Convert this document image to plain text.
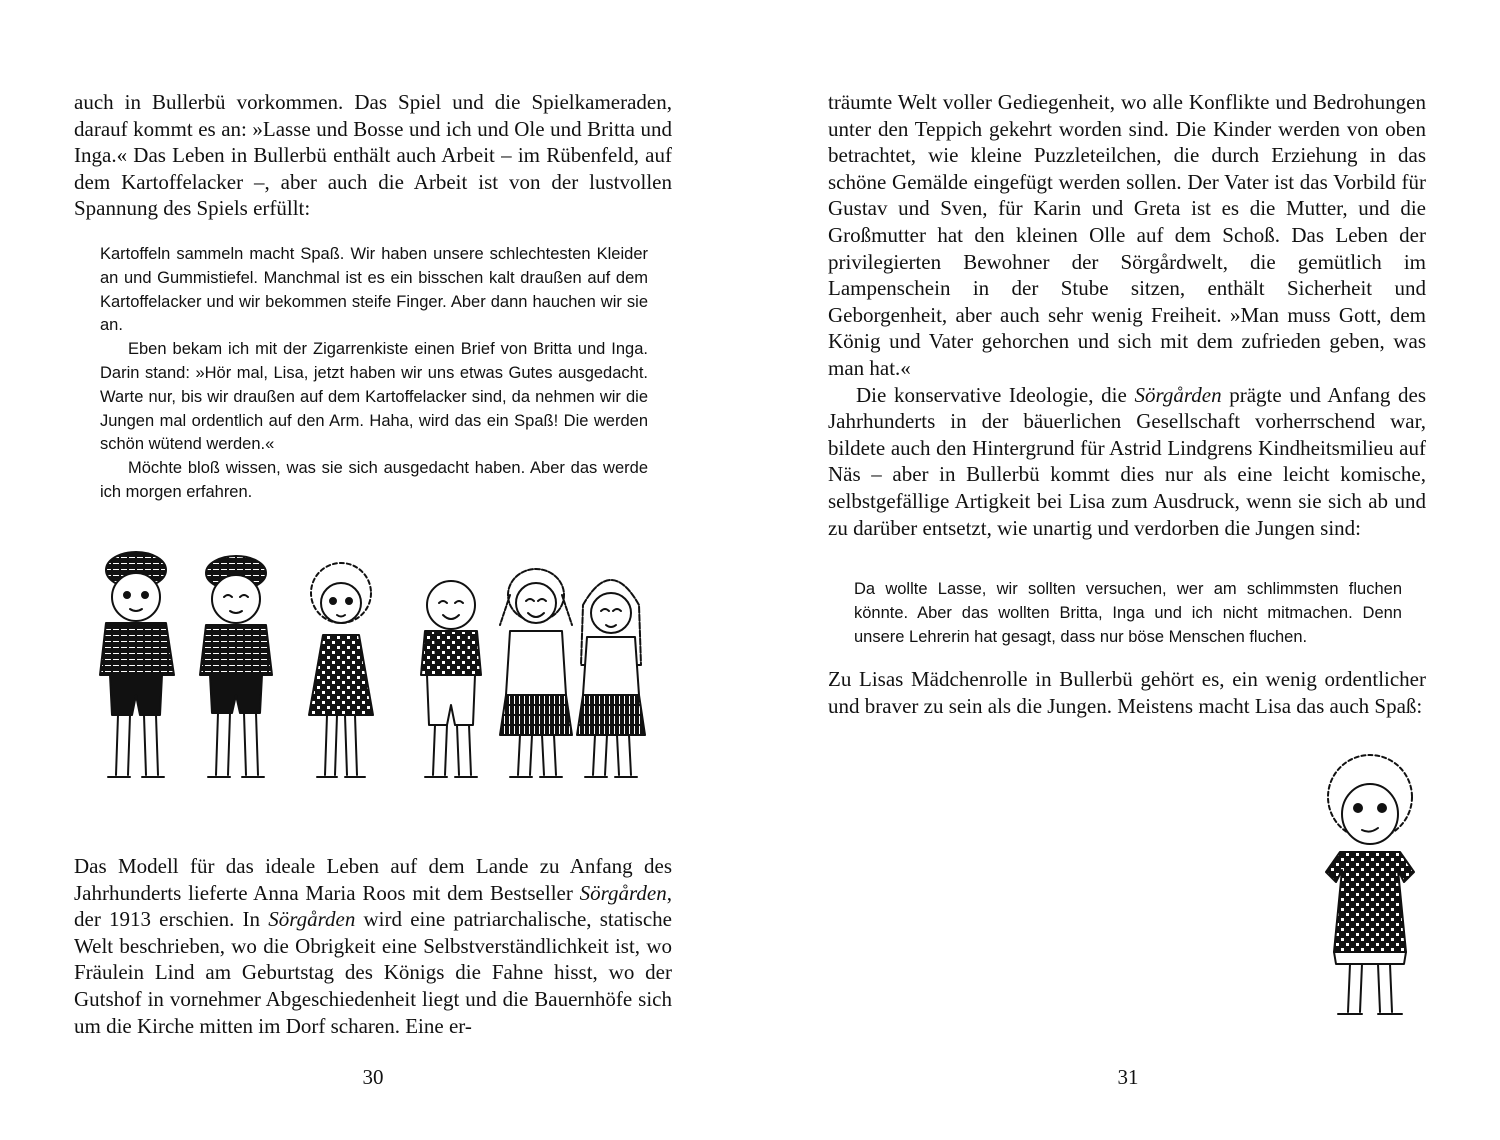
auch in Bullerbü vorkommen. Das Spiel und die Spielkameraden, darauf kommt es an: »Lasse und Bosse und ich und Ole und Britta und Inga.« Das Leben in Bullerbü enthält auch Arbeit – im Rübenfeld, auf dem Kartoffelacker –, aber auch die Arbeit ist von der lustvollen Spannung des Spiels erfüllt:

Kartoffeln sammeln macht Spaß. Wir haben unsere schlechtesten Kleider an und Gummistiefel. Manchmal ist es ein bisschen kalt draußen auf dem Kartoffelacker und wir bekommen steife Finger. Aber dann hauchen wir sie an.

Eben bekam ich mit der Zigarrenkiste einen Brief von Britta und Inga. Darin stand: »Hör mal, Lisa, jetzt haben wir uns etwas Gutes ausgedacht. Warte nur, bis wir draußen auf dem Kartoffelacker sind, da nehmen wir die Jungen mal ordentlich auf den Arm. Haha, wird das ein Spaß! Die werden schön wütend werden.«

Möchte bloß wissen, was sie sich ausgedacht haben. Aber das werde ich morgen erfahren.

Das Modell für das ideale Leben auf dem Lande zu Anfang des Jahrhunderts lieferte Anna Maria Roos mit dem Bestseller Sörgården, der 1913 erschien. In Sörgården wird eine patriarchalische, statische Welt beschrieben, wo die Obrigkeit eine Selbstverständlichkeit ist, wo Fräulein Lind am Geburtstag des Königs die Fahne hisst, wo der Gutshof in vornehmer Abgeschiedenheit liegt und die Bauernhöfe sich um die Kirche mitten im Dorf scharen. Eine er-

30

träumte Welt voller Gediegenheit, wo alle Konflikte und Bedrohungen unter den Teppich gekehrt worden sind. Die Kinder werden von oben betrachtet, wie kleine Puzzleteilchen, die durch Erziehung in das schöne Gemälde eingefügt werden sollen. Der Vater ist das Vorbild für Gustav und Sven, für Karin und Greta ist es die Mutter, und die Großmutter hat den kleinen Olle auf dem Schoß. Das Leben der privilegierten Bewohner der Sörgårdwelt, die gemütlich im Lampenschein in der Stube sitzen, enthält Sicherheit und Geborgenheit, aber auch sehr wenig Freiheit. »Man muss Gott, dem König und Vater gehorchen und sich mit dem zufrieden geben, was man hat.«

Die konservative Ideologie, die Sörgården prägte und Anfang des Jahrhunderts in der bäuerlichen Gesellschaft vorherrschend war, bildete auch den Hintergrund für Astrid Lindgrens Kindheitsmilieu auf Näs – aber in Bullerbü kommt dies nur als eine leicht komische, selbstgefällige Artigkeit bei Lisa zum Ausdruck, wenn sie sich ab und zu darüber entsetzt, wie unartig und verdorben die Jungen sind:

Da wollte Lasse, wir sollten versuchen, wer am schlimmsten fluchen könnte. Aber das wollten Britta, Inga und ich nicht mitmachen. Denn unsere Lehrerin hat gesagt, dass nur böse Menschen fluchen.

Zu Lisas Mädchenrolle in Bullerbü gehört es, ein wenig ordentlicher und braver zu sein als die Jungen. Meistens macht Lisa das auch Spaß:

31
